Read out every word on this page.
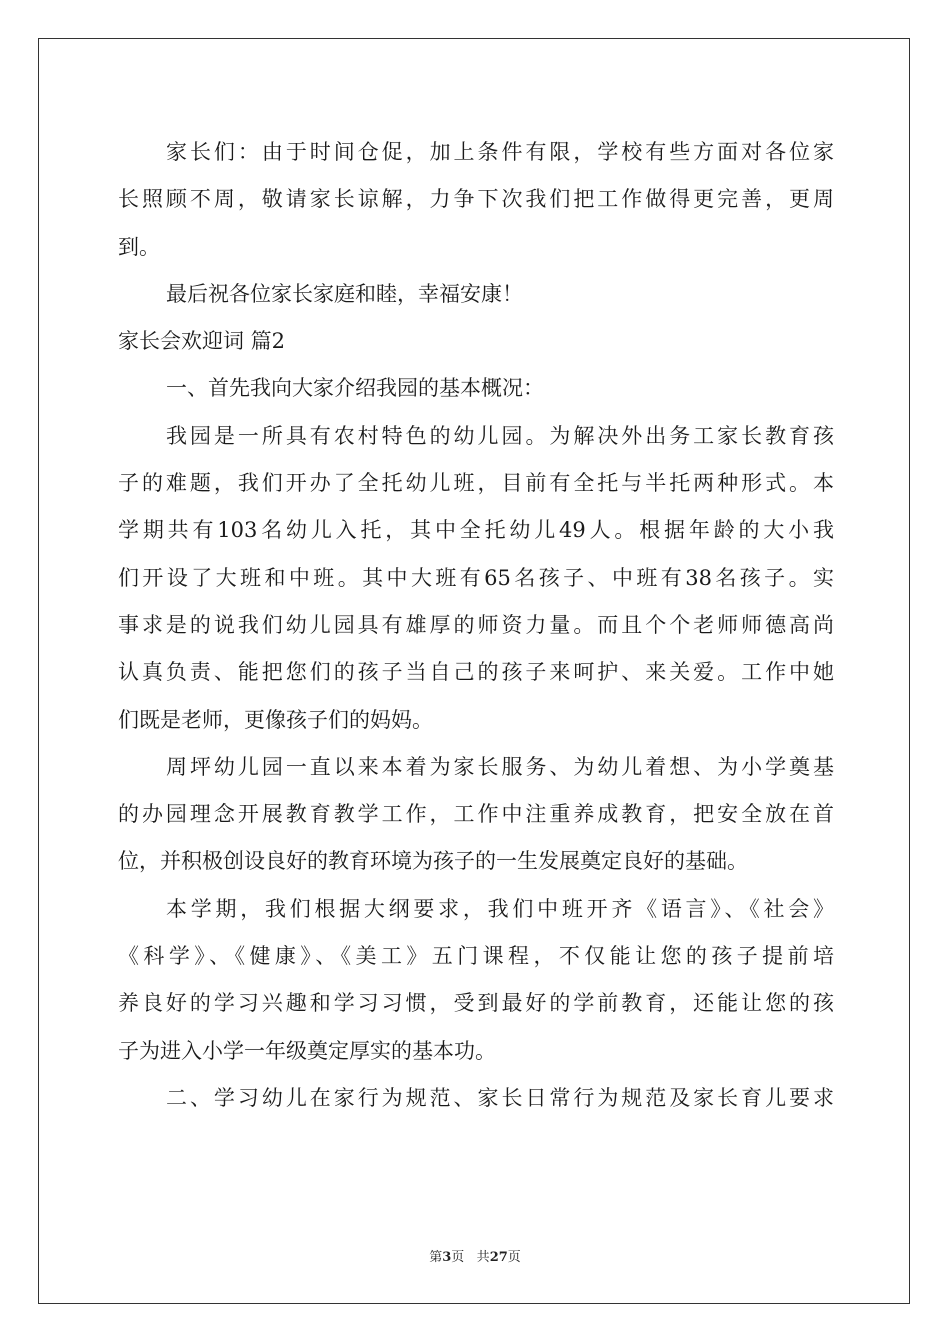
家长们：由于时间仓促，加上条件有限，学校有些方面对各位家
长照顾不周，敬请家长谅解，力争下次我们把工作做得更完善，更周
到。
最后祝各位家长家庭和睦，幸福安康！
家长会欢迎词 篇2
一、首先我向大家介绍我园的基本概况：
我园是一所具有农村特色的幼儿园。为解决外出务工家长教育孩
子的难题，我们开办了全托幼儿班，目前有全托与半托两种形式。本
学期共有103名幼儿入托，其中全托幼儿49人。根据年龄的大小我
们开设了大班和中班。其中大班有65名孩子、中班有38名孩子。实
事求是的说我们幼儿园具有雄厚的师资力量。而且个个老师师德高尚
认真负责、能把您们的孩子当自己的孩子来呵护、来关爱。工作中她
们既是老师，更像孩子们的妈妈。
周坪幼儿园一直以来本着为家长服务、为幼儿着想、为小学奠基
的办园理念开展教育教学工作，工作中注重养成教育，把安全放在首
位，并积极创设良好的教育环境为孩子的一生发展奠定良好的基础。
本学期，我们根据大纲要求，我们中班开齐《语言》、《社会》
《科学》、《健康》、《美工》五门课程，不仅能让您的孩子提前培
养良好的学习兴趣和学习习惯，受到最好的学前教育，还能让您的孩
子为进入小学一年级奠定厚实的基本功。
二、学习幼儿在家行为规范、家长日常行为规范及家长育儿要求
第3页 共27页
